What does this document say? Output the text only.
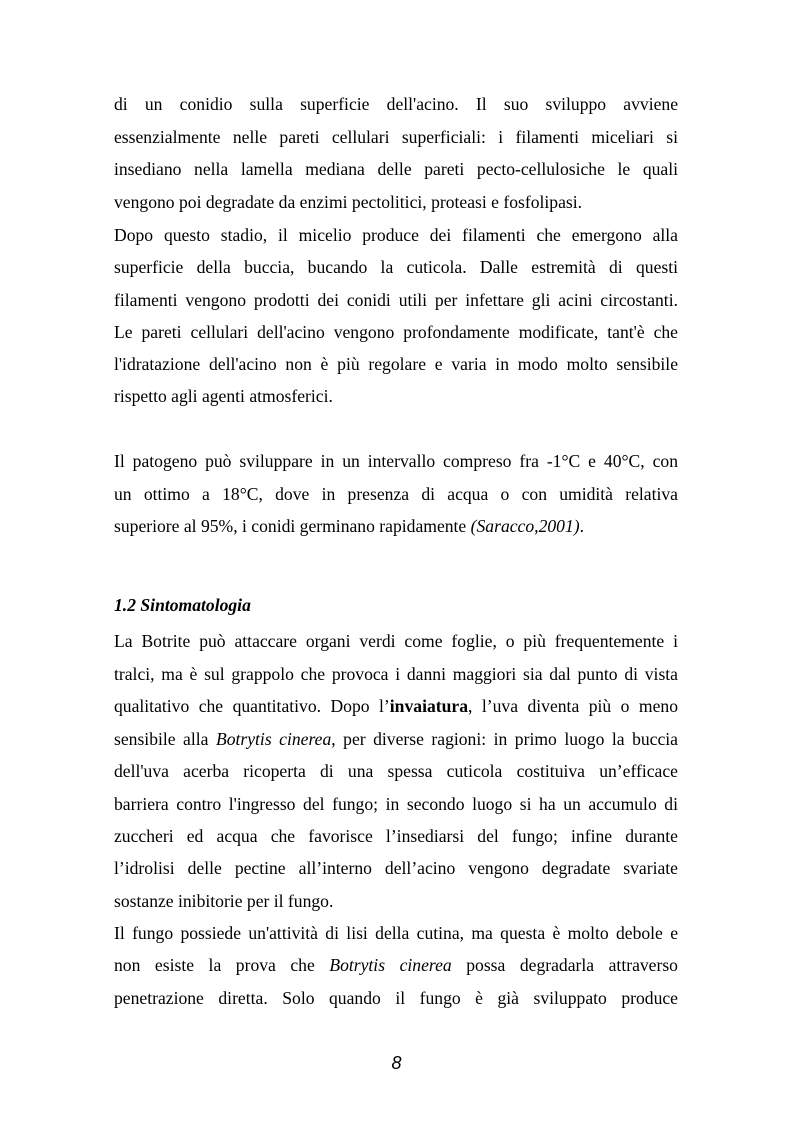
di un conidio sulla superficie dell'acino. Il suo sviluppo avviene
essenzialmente nelle pareti cellulari superficiali: i filamenti miceliari si
insediano nella lamella mediana delle pareti pecto-cellulosiche le quali
vengono poi degradate da enzimi pectolitici, proteasi e fosfolipasi.
Dopo questo stadio, il micelio produce dei filamenti che emergono alla
superficie della buccia, bucando la cuticola. Dalle estremità di questi
filamenti vengono prodotti dei conidi utili per infettare gli acini circostanti.
Le pareti cellulari dell'acino vengono profondamente modificate, tant'è che
l'idratazione dell'acino non è più regolare e varia in modo molto sensibile
rispetto agli agenti atmosferici.
Il patogeno può sviluppare in un intervallo compreso fra -1°C e 40°C, con
un ottimo a 18°C, dove in presenza di acqua o con umidità relativa
superiore al 95%, i conidi germinano rapidamente (Saracco,2001).
1.2 Sintomatologia
La Botrite può attaccare organi verdi come foglie, o più frequentemente i
tralci, ma è sul grappolo che provoca i danni maggiori sia dal punto di vista
qualitativo che quantitativo. Dopo l’invaiatura, l’uva diventa più o meno
sensibile alla Botrytis cinerea, per diverse ragioni: in primo luogo la buccia
dell'uva acerba ricoperta di una spessa cuticola costituiva un’efficace
barriera contro l'ingresso del fungo; in secondo luogo si ha un accumulo di
zuccheri ed acqua che favorisce l’insediarsi del fungo; infine durante
l’idrolisi delle pectine all’interno dell’acino vengono degradate svariate
sostanze inibitorie per il fungo.
Il fungo possiede un'attività di lisi della cutina, ma questa è molto debole e
non esiste la prova che Botrytis cinerea possa degradarla attraverso
penetrazione diretta. Solo quando il fungo è già sviluppato produce
8
